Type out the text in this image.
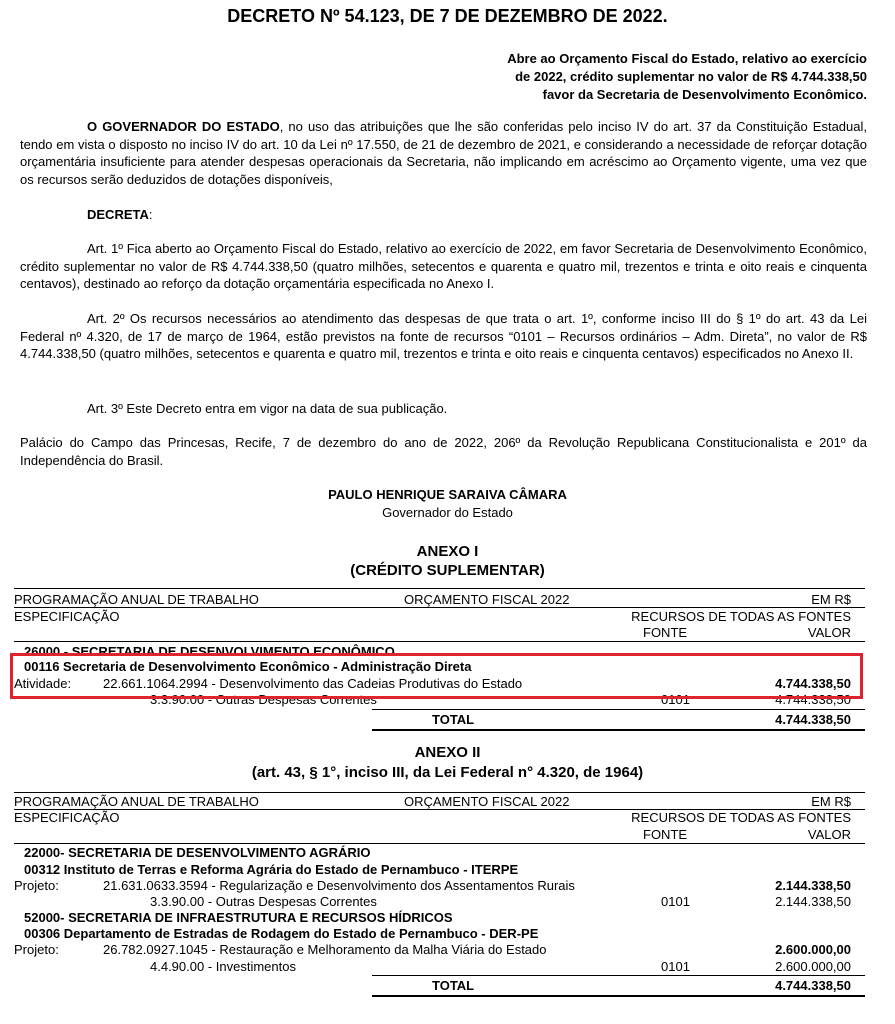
DECRETO Nº 54.123, DE 7 DE DEZEMBRO DE 2022.
Abre ao Orçamento Fiscal do Estado, relativo ao exercício
de 2022, crédito suplementar no valor de R$ 4.744.338,50
favor da Secretaria de Desenvolvimento Econômico.
O GOVERNADOR DO ESTADO, no uso das atribuições que lhe são conferidas pelo inciso IV do art. 37 da Constituição Estadual, tendo em vista o disposto no inciso IV do art. 10 da Lei nº 17.550, de 21 de dezembro de 2021, e considerando a necessidade de reforçar dotação orçamentária insuficiente para atender despesas operacionais da Secretaria, não implicando em acréscimo ao Orçamento vigente, uma vez que os recursos serão deduzidos de dotações disponíveis,
DECRETA:
Art. 1º Fica aberto ao Orçamento Fiscal do Estado, relativo ao exercício de 2022, em favor Secretaria de Desenvolvimento Econômico, crédito suplementar no valor de R$ 4.744.338,50 (quatro milhões, setecentos e quarenta e quatro mil, trezentos e trinta e oito reais e cinquenta centavos), destinado ao reforço da dotação orçamentária especificada no Anexo I.
Art. 2º Os recursos necessários ao atendimento das despesas de que trata o art. 1º, conforme inciso III do § 1º do art. 43 da Lei Federal nº 4.320, de 17 de março de 1964, estão previstos na fonte de recursos “0101 – Recursos ordinários – Adm. Direta”, no valor de R$ 4.744.338,50 (quatro milhões, setecentos e quarenta e quatro mil, trezentos e trinta e oito reais e cinquenta centavos) especificados no Anexo II.
Art. 3º Este Decreto entra em vigor na data de sua publicação.
Palácio do Campo das Princesas, Recife, 7 de dezembro do ano de 2022, 206º da Revolução Republicana Constitucionalista e 201º da Independência do Brasil.
PAULO HENRIQUE SARAIVA CÂMARA
Governador do Estado
ANEXO I
(CRÉDITO SUPLEMENTAR)
PROGRAMAÇÃO ANUAL DE TRABALHO	ORÇAMENTO FISCAL 2022	EM R$
ESPECIFICAÇÃO	RECURSOS DE TODAS AS FONTES
FONTE	VALOR
26000 - SECRETARIA DE DESENVOLVIMENTO ECONÔMICO
00116 Secretaria de Desenvolvimento Econômico - Administração Direta
Atividade: 22.661.1064.2994 - Desenvolvimento das Cadeias Produtivas do Estado	4.744.338,50
3.3.90.00 - Outras Despesas Correntes	0101	4.744.338,50
TOTAL	4.744.338,50
ANEXO II
(art. 43, § 1°, inciso III, da Lei Federal n° 4.320, de 1964)
PROGRAMAÇÃO ANUAL DE TRABALHO	ORÇAMENTO FISCAL 2022	EM R$
ESPECIFICAÇÃO	RECURSOS DE TODAS AS FONTES
FONTE	VALOR
22000- SECRETARIA DE DESENVOLVIMENTO AGRÁRIO
00312 Instituto de Terras e Reforma Agrária do Estado de Pernambuco - ITERPE
Projeto:	21.631.0633.3594 - Regularização e Desenvolvimento dos Assentamentos Rurais	2.144.338,50
3.3.90.00 - Outras Despesas Correntes	0101	2.144.338,50
52000- SECRETARIA DE INFRAESTRUTURA E RECURSOS HÍDRICOS
00306 Departamento de Estradas de Rodagem do Estado de Pernambuco - DER-PE
Projeto:	26.782.0927.1045 - Restauração e Melhoramento da Malha Viária do Estado	2.600.000,00
4.4.90.00 - Investimentos	0101	2.600.000,00
TOTAL	4.744.338,50
